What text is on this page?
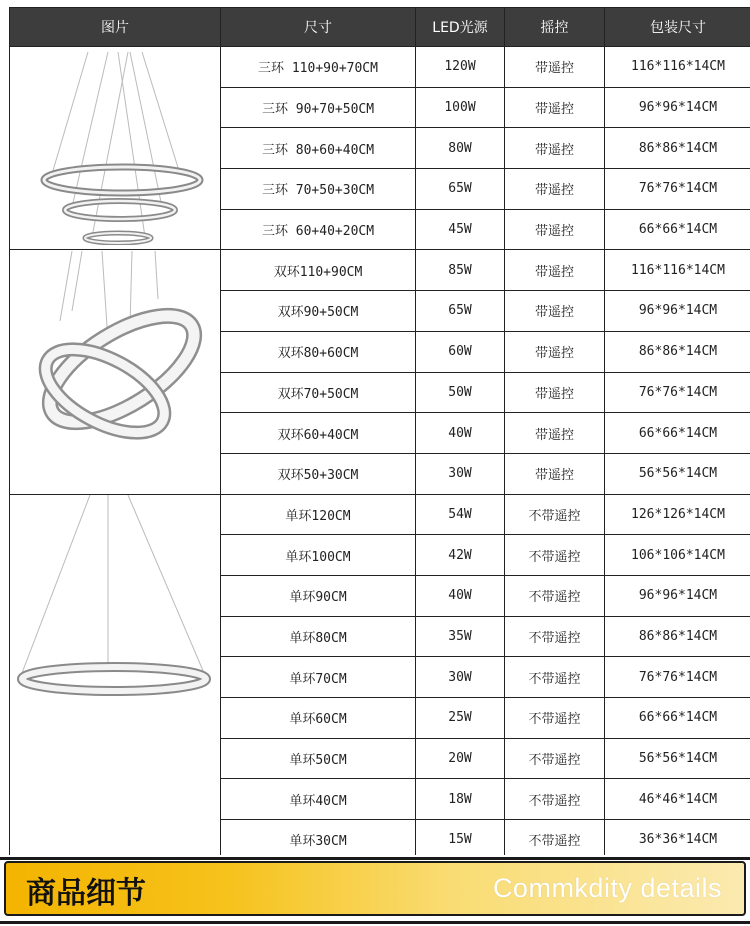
图片	尺寸	LED光源	摇控	包装尺寸

	三环 110+90+70CM	120W	带遥控	116*116*14CM
	三环 90+70+50CM	100W	带遥控	96*96*14CM
	三环 80+60+40CM	80W	带遥控	86*86*14CM
	三环 70+50+30CM	65W	带遥控	76*76*14CM
	三环 60+40+20CM	45W	带遥控	66*66*14CM

	双环110+90CM	85W	带遥控	116*116*14CM
	双环90+50CM	65W	带遥控	96*96*14CM
	双环80+60CM	60W	带遥控	86*86*14CM
	双环70+50CM	50W	带遥控	76*76*14CM
	双环60+40CM	40W	带遥控	66*66*14CM
	双环50+30CM	30W	带遥控	56*56*14CM

	单环120CM	54W	不带遥控	126*126*14CM
	单环100CM	42W	不带遥控	106*106*14CM
	单环90CM	40W	不带遥控	96*96*14CM
	单环80CM	35W	不带遥控	86*86*14CM
	单环70CM	30W	不带遥控	76*76*14CM
	单环60CM	25W	不带遥控	66*66*14CM
	单环50CM	20W	不带遥控	56*56*14CM
	单环40CM	18W	不带遥控	46*46*14CM
	单环30CM	15W	不带遥控	36*36*14CM
商品细节	Commkdity details
